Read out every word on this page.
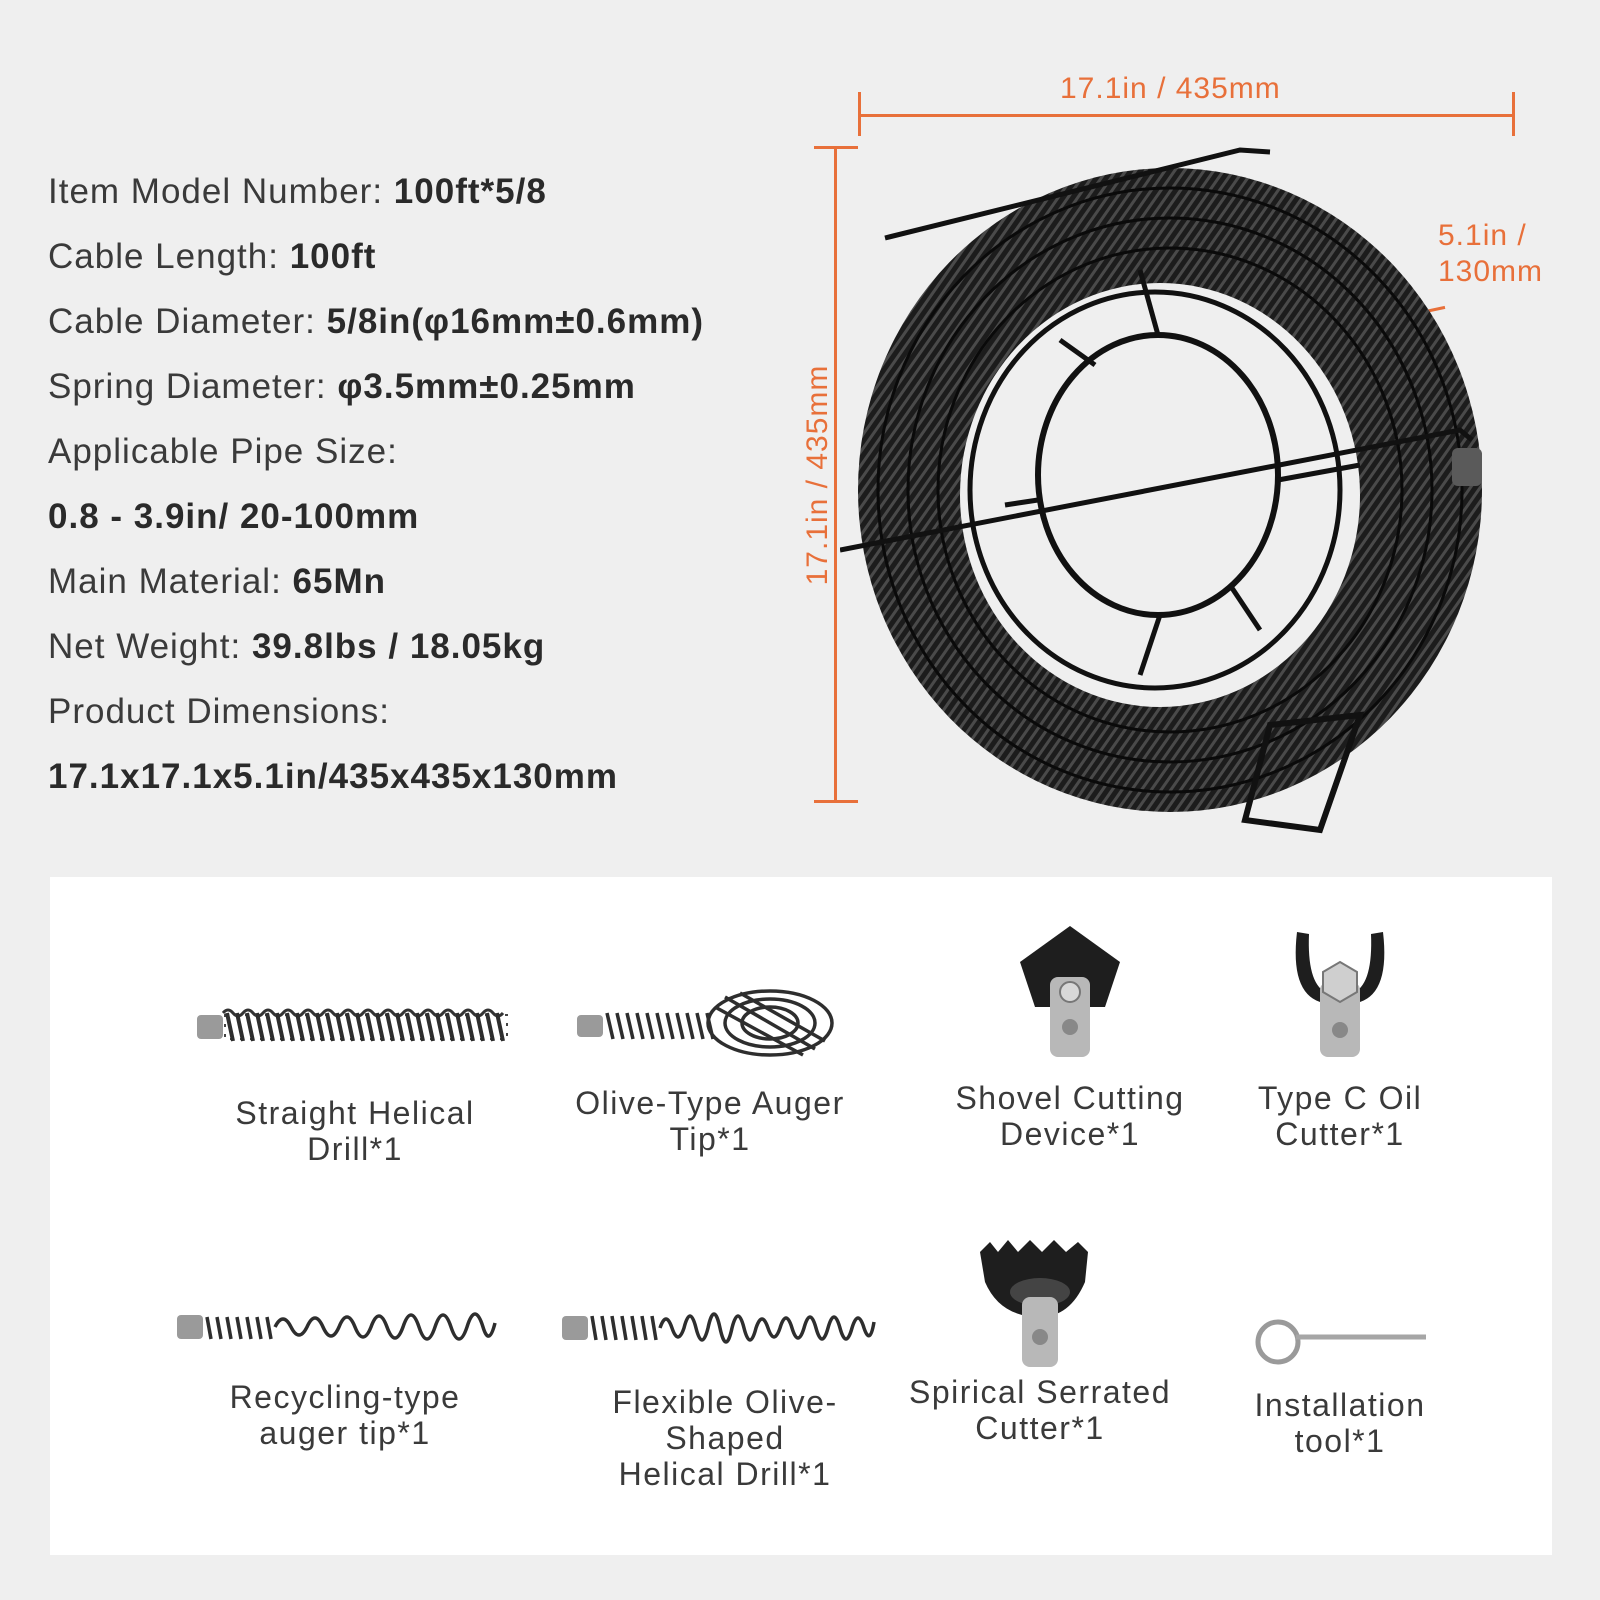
Item Model Number: 100ft*5/8
Cable Length: 100ft
Cable Diameter: 5/8in(φ16mm±0.6mm)
Spring Diameter: φ3.5mm±0.25mm
Applicable Pipe Size:
0.8 - 3.9in/ 20-100mm
Main Material: 65Mn
Net Weight: 39.8lbs / 18.05kg
Product Dimensions:
17.1x17.1x5.1in/435x435x130mm
17.1in / 435mm
17.1in / 435mm
5.1in /
130mm
Straight Helical
Drill*1
Olive-Type Auger
Tip*1
Shovel Cutting
Device*1
Type C Oil
Cutter*1
Recycling-type
auger tip*1
Flexible Olive-Shaped
Helical Drill*1
Spirical Serrated
Cutter*1
Installation
tool*1
